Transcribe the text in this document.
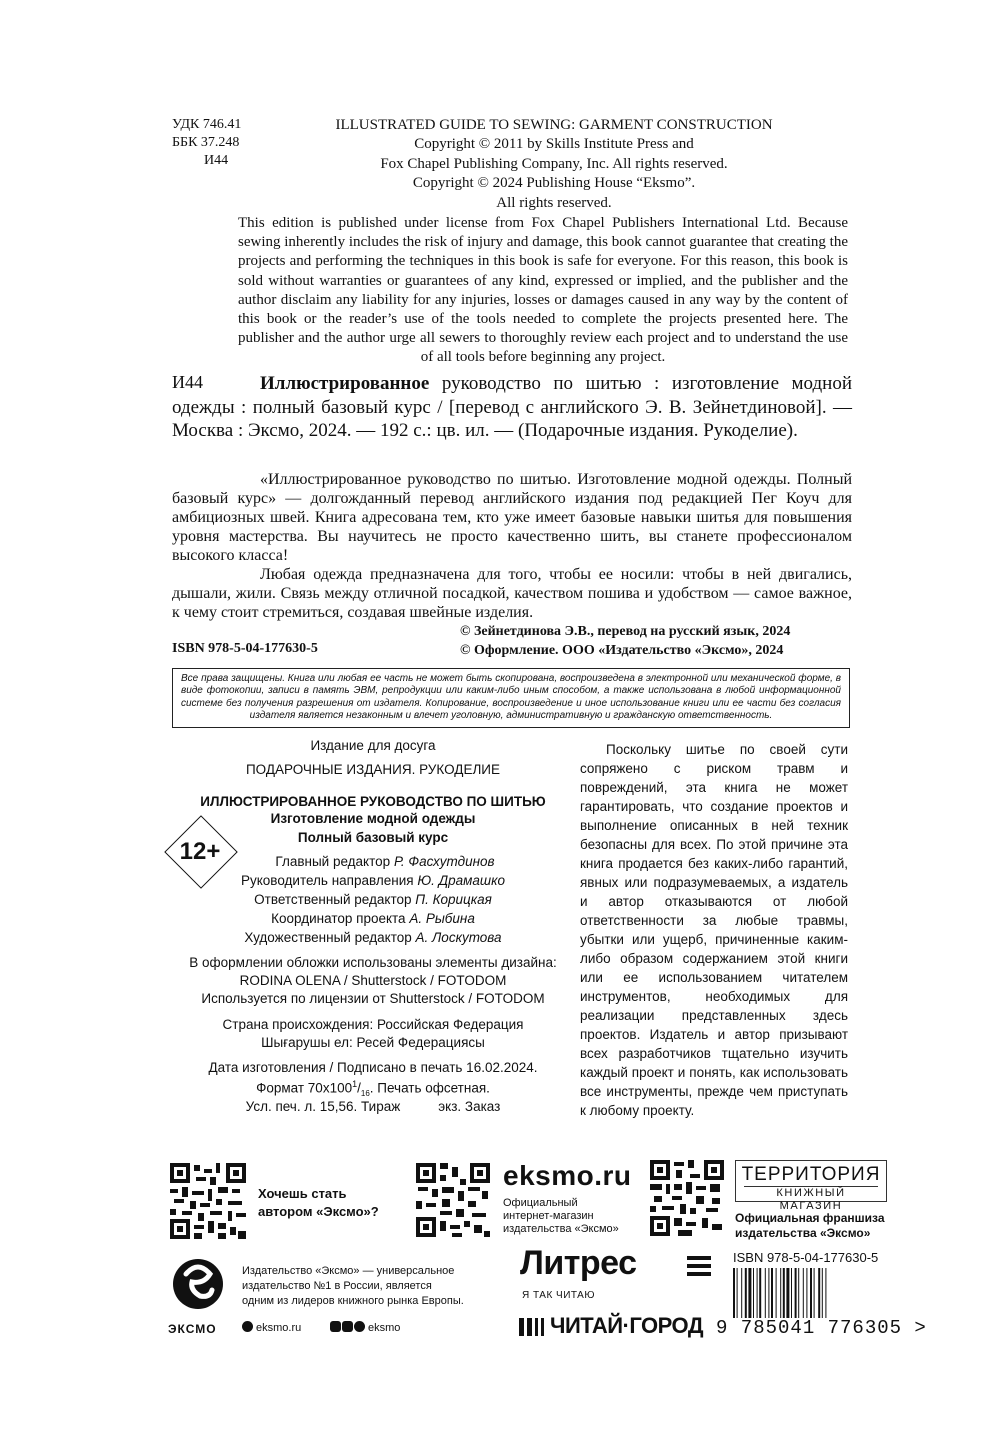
УДК 746.41
ББК 37.248
И44
ILLUSTRATED GUIDE TO SEWING: GARMENT CONSTRUCTION
Copyright © 2011 by Skills Institute Press and
Fox Chapel Publishing Company, Inc. All rights reserved.
Copyright © 2024 Publishing House “Eksmo”.
All rights reserved.
This edition is published under license from Fox Chapel Publishers International Ltd. Because sewing inherently includes the risk of injury and damage, this book cannot guarantee that creating the projects and performing the techniques in this book is safe for everyone. For this reason, this book is sold without warranties or guarantees of any kind, expressed or implied, and the publisher and the author disclaim any liability for any injuries, losses or damages caused in any way by the content of this book or the reader’s use of the tools needed to complete the projects presented here. The publisher and the author urge all sewers to thoroughly review each project and to understand the use of all tools before beginning any project.
И44	Иллюстрированное руководство по шитью : изготовление модной одежды : полный базовый курс / [перевод с английского Э. В. Зейнетдиновой]. — Москва : Эксмо, 2024. — 192 с.: цв. ил. — (Подарочные издания. Рукоделие).

«Иллюстрированное руководство по шитью. Изготовление модной одежды. Полный базовый курс» — долгожданный перевод английского издания под редакцией Пег Коуч для амбициозных швей. Книга адресована тем, кто уже имеет базовые навыки шитья для повышения уровня мастерства. Вы научитесь не просто качественно шить, вы станете профессионалом высокого класса!

Любая одежда предназначена для того, чтобы ее носили: чтобы в ней двигались, дышали, жили. Связь между отличной посадкой, качеством пошива и удобством — самое важное, к чему стоит стремиться, создавая швейные изделия.

© Зейнетдинова Э.В., перевод на русский язык, 2024
© Оформление. ООО «Издательство «Эксмо», 2024
ISBN 978-5-04-177630-5
Все права защищены. Книга или любая ее часть не может быть скопирована, воспроизведена в электронной или механической форме, в виде фотокопии, записи в память ЭВМ, репродукции или каким-либо иным способом, а также использована в любой информационной системе без получения разрешения от издателя. Копирование, воспроизведение и иное использование книги или ее части без согласия издателя является незаконным и влечет уголовную, административную и гражданскую ответственность.
Издание для досуга
ПОДАРОЧНЫЕ ИЗДАНИЯ. РУКОДЕЛИЕ
ИЛЛЮСТРИРОВАННОЕ РУКОВОДСТВО ПО ШИТЬЮ
Изготовление модной одежды
Полный базовый курс
Главный редактор Р. Фасхутдинов
Руководитель направления Ю. Драмашко
Ответственный редактор П. Корицкая
Координатор проекта А. Рыбина
Художественный редактор А. Лоскутова
В оформлении обложки использованы элементы дизайна:
RODINA OLENA / Shutterstock / FOTODOM
Используется по лицензии от Shutterstock / FOTODOM
Страна происхождения: Российская Федерация
Шығарушы ел: Ресей Федерациясы
Дата изготовления / Подписано в печать 16.02.2024.
Формат $70x100^1/_{16}$. Печать офсетная.
Усл. печ. л. 15,56. Тираж	экз. Заказ
12+
Поскольку шитье по своей сути сопряжено с риском травм и повреждений, эта книга не может гарантировать, что создание проектов и выполнение описанных в ней техник безопасны для всех. По этой причине эта книга продается без каких-либо гарантий, явных или подразумеваемых, а издатель и автор отказываются от любой ответственности за любые травмы, убытки или ущерб, причиненные каким-либо образом содержанием этой книги или ее использованием читателем инструментов, необходимых для реализации представленных здесь проектов. Издатель и автор призывают всех разработчиков тщательно изучить каждый проект и понять, как использовать все инструменты, прежде чем приступать к любому проекту.
Хочешь стать
автором «Эксмо»?
eksmo.ru
Официальный
интернет-магазин
издательства «Эксмо»
ТЕРРИТОРИЯ
КНИЖНЫЙ МАГАЗИН
Официальная франшиза
издательства «Эксмо»
ЭКСМО
Издательство «Эксмо» — универсальное
издательство №1 в России, является
одним из лидеров книжного рынка Европы.
eksmo.ru	eksmo
Литрес
Я ТАК ЧИТАЮ
ЧИТАЙ·ГОРОД
ISBN 978-5-04-177630-5
9 785041 776305 >
